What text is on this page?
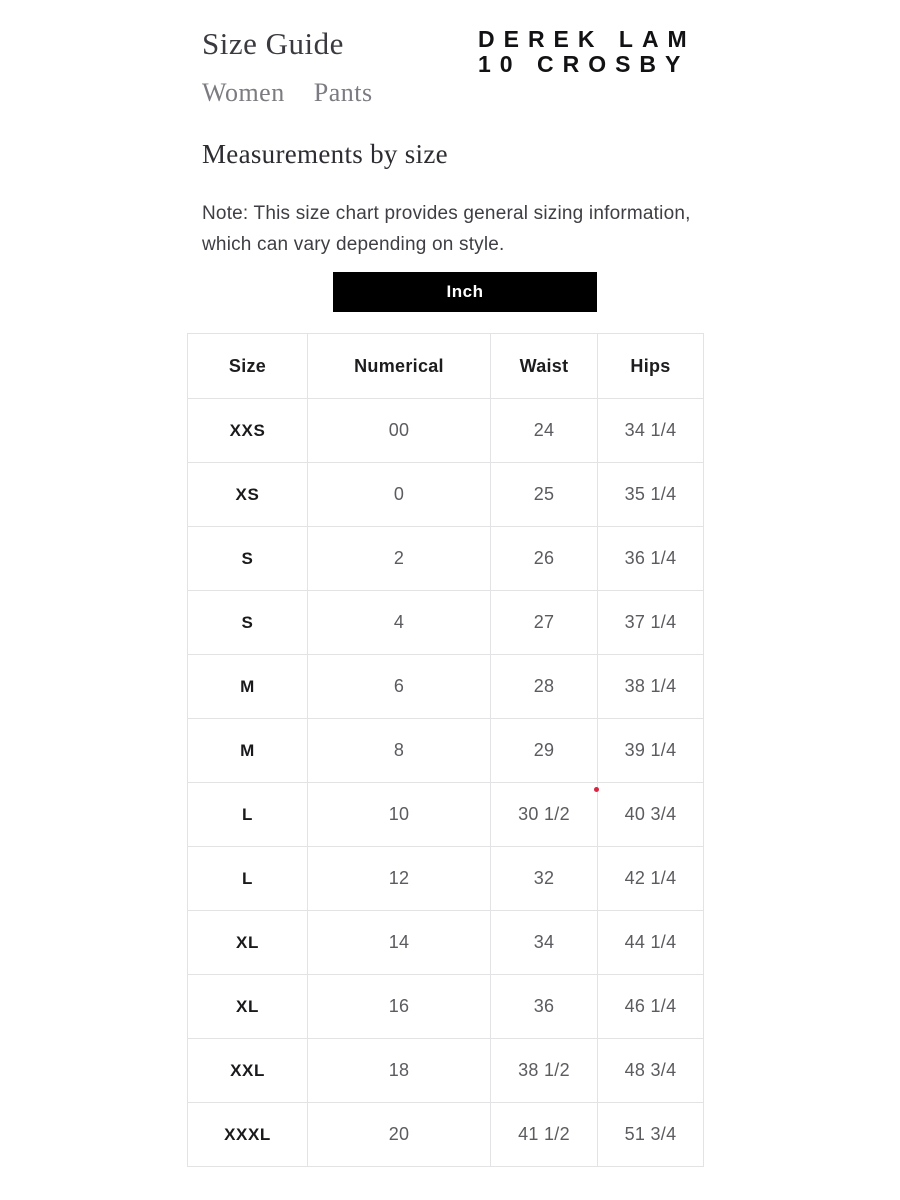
Size Guide	DEREK LAM
10 CROSBY
Women Pants
Measurements by size

Note: This size chart provides general sizing information,
which can vary depending on style.

Inch
Size	Numerical	Waist	Hips
XXS	00	24	34 1/4
XS	0	25	35 1/4
S	2	26	36 1/4
S	4	27	37 1/4
M	6	28	38 1/4
M	8	29	39 1/4
L	10	30 1/2	40 3/4
L	12	32	42 1/4
XL	14	34	44 1/4
XL	16	36	46 1/4
XXL	18	38 1/2	48 3/4
XXXL	20	41 1/2	51 3/4
